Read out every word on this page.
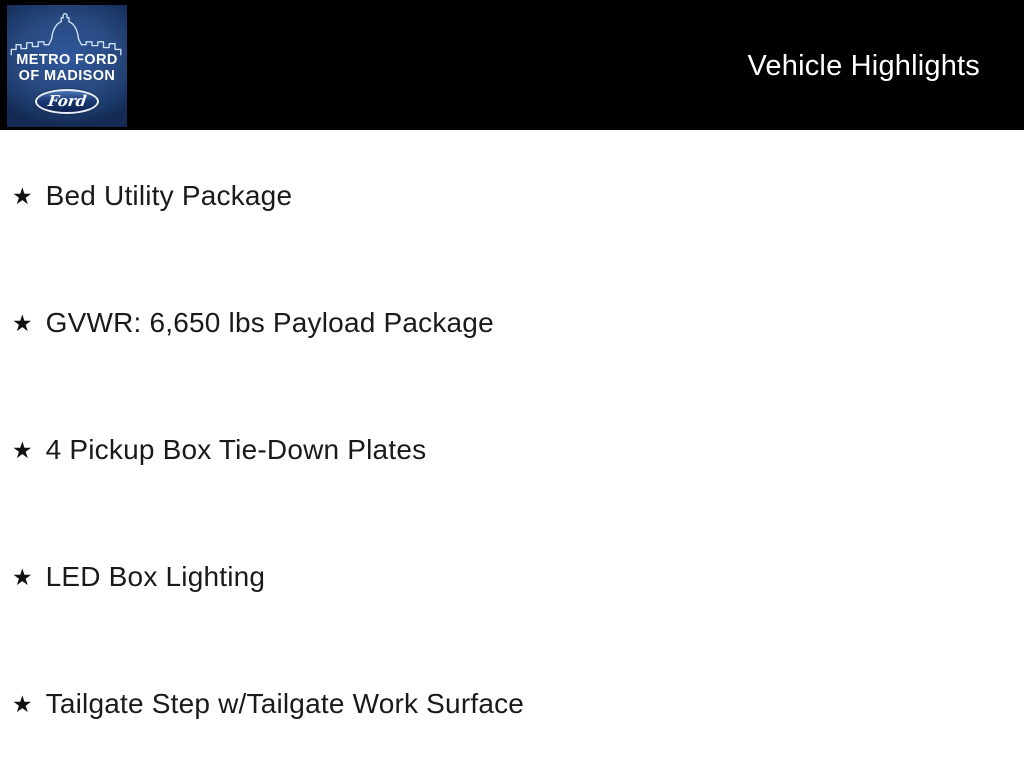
METRO FORD
OF MADISON
Ford
Vehicle Highlights
★ Bed Utility Package
★ GVWR: 6,650 lbs Payload Package
★ 4 Pickup Box Tie-Down Plates
★ LED Box Lighting
★ Tailgate Step w/Tailgate Work Surface
